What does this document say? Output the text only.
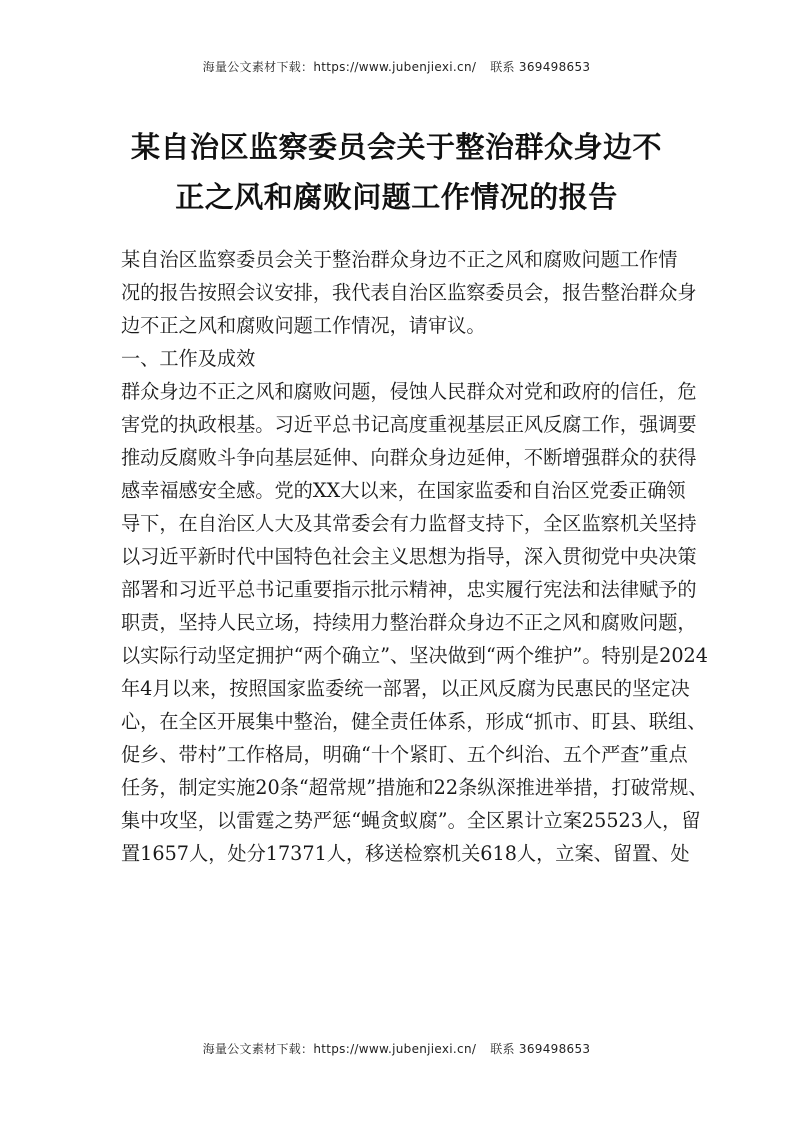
海量公文素材下载：https://www.jubenjiexi.cn/ 联系 369498653
某自治区监察委员会关于整治群众身边不
正之风和腐败问题工作情况的报告
某自治区监察委员会关于整治群众身边不正之风和腐败问题工作情
况的报告按照会议安排，我代表自治区监察委员会，报告整治群众身
边不正之风和腐败问题工作情况，请审议。
一、工作及成效
群众身边不正之风和腐败问题，侵蚀人民群众对党和政府的信任，危
害党的执政根基。习近平总书记高度重视基层正风反腐工作，强调要
推动反腐败斗争向基层延伸、向群众身边延伸，不断增强群众的获得
感幸福感安全感。党的XX大以来，在国家监委和自治区党委正确领
导下，在自治区人大及其常委会有力监督支持下，全区监察机关坚持
以习近平新时代中国特色社会主义思想为指导，深入贯彻党中央决策
部署和习近平总书记重要指示批示精神，忠实履行宪法和法律赋予的
职责，坚持人民立场，持续用力整治群众身边不正之风和腐败问题，
以实际行动坚定拥护“两个确立”、坚决做到“两个维护”。特别是2024
年4月以来，按照国家监委统一部署，以正风反腐为民惠民的坚定决
心，在全区开展集中整治，健全责任体系，形成“抓市、盯县、联组、
促乡、带村”工作格局，明确“十个紧盯、五个纠治、五个严查”重点
任务，制定实施20条“超常规”措施和22条纵深推进举措，打破常规、
集中攻坚，以雷霆之势严惩“蝇贪蚁腐”。全区累计立案25523人，留
置1657人，处分17371人，移送检察机关618人，立案、留置、处
海量公文素材下载：https://www.jubenjiexi.cn/ 联系 369498653
